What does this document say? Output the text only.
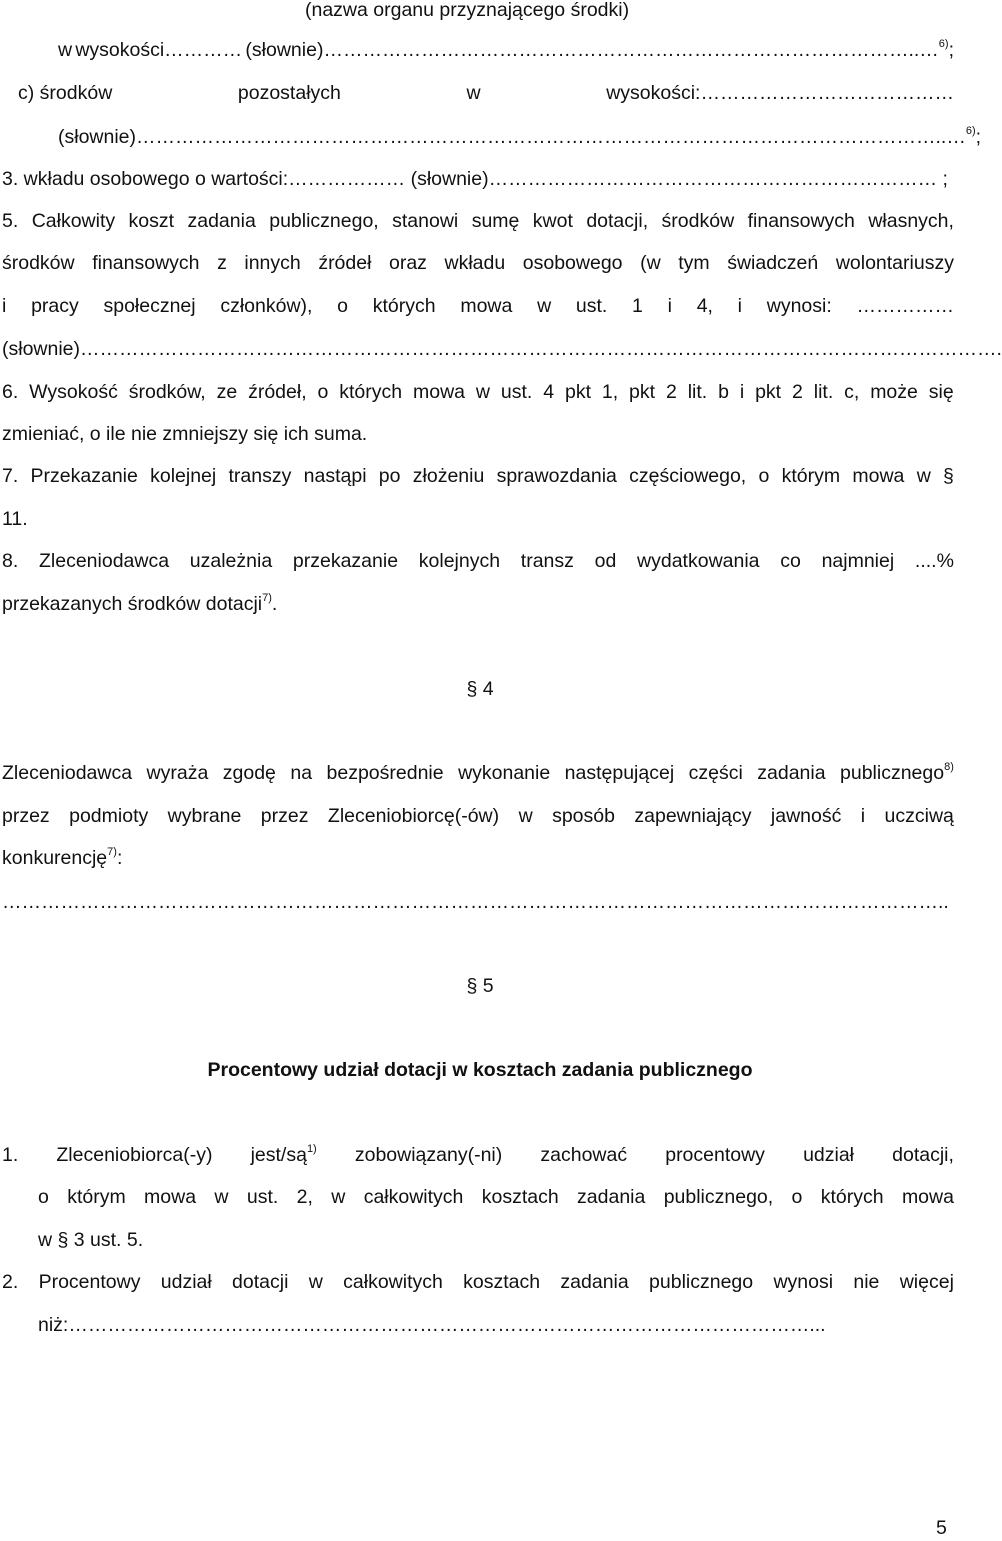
(nazwa organu przyznającego środki)
w wysokości………… (słownie)………………………………………………………………………………..…$^{6)}$;
c) środków	pozostałych	w	wysokości:…………………………………
(słownie)……………………………………………………………………………………………………………..…$^{6)}$;
3. wkładu osobowego o wartości:……………… (słownie)…………………………………………………………… ;
5. Całkowity koszt zadania publicznego, stanowi sumę kwot dotacji, środków finansowych własnych,
środków finansowych z innych źródeł oraz wkładu osobowego (w tym świadczeń wolontariuszy
i pracy społecznej członków), o których mowa w ust. 1 i 4, i wynosi: ……………
(słownie)…………………………………………………………………………………………………………………………….
6. Wysokość środków, ze źródeł, o których mowa w ust. 4 pkt 1, pkt 2 lit. b i pkt 2 lit. c, może się
zmieniać, o ile nie zmniejszy się ich suma.
7. Przekazanie kolejnej transzy nastąpi po złożeniu sprawozdania częściowego, o którym mowa w §
11.
8. Zleceniodawca uzależnia przekazanie kolejnych transz od wydatkowania co najmniej ....%
przekazanych środków dotacji$^{7)}$.
§ 4
Zleceniodawca wyraża zgodę na bezpośrednie wykonanie następującej części zadania publicznego$^{8)}$
przez podmioty wybrane przez Zleceniobiorcę(-ów) w sposób zapewniający jawność i uczciwą
konkurencję$^{7)}$:
………………………………………………………………………………………………………………………………..
§ 5
Procentowy udział dotacji w kosztach zadania publicznego
1. Zleceniobiorca(-y) jest/$są^{1)}$ zobowiązany(-ni) zachować procentowy udział dotacji,
o którym mowa w ust. 2, w całkowitych kosztach zadania publicznego, o których mowa
w § 3 ust. 5.
2. Procentowy udział dotacji w całkowitych kosztach zadania publicznego wynosi nie więcej
niż:……………………………………………………………………………………………………...
5
